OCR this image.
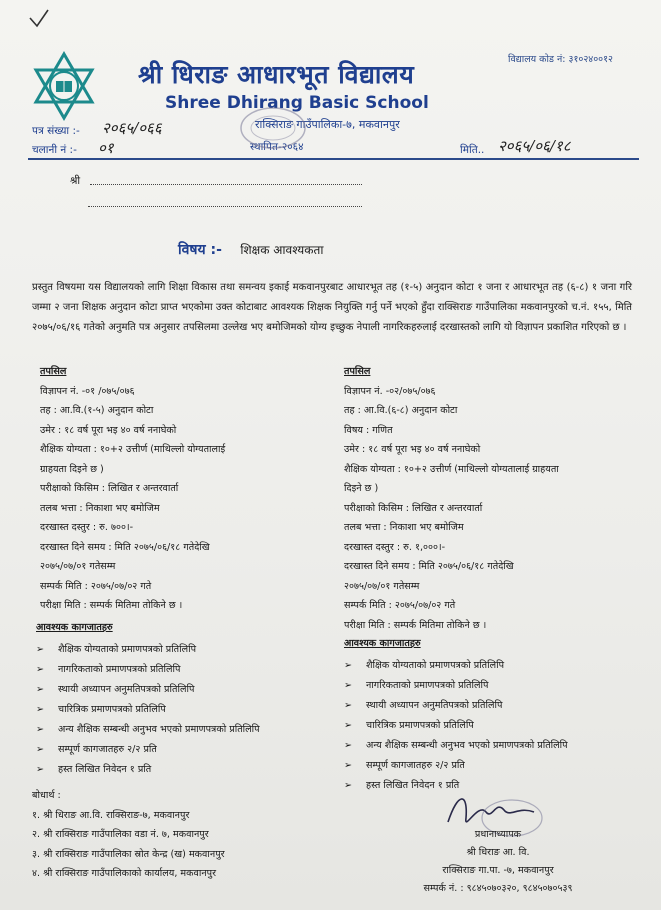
विद्यालय कोड नं: ३१०२४००१२
श्री धिराङ आधारभूत विद्यालय
Shree Dhirang Basic School
राक्सिराङ गाउँपालिका-७, मकवानपुर
स्थापित-२०६४
पत्र संख्या :- २०६५/०६६
चलानी नं :- ०१	मिति.. २०६५/०६/१८
श्री
विषय :- शिक्षक आवश्यकता
प्रस्तुत विषयमा यस विद्यालयको लागि शिक्षा विकास तथा समन्वय इकाई मकवानपुरबाट आधारभूत तह (१-५) अनुदान कोटा १ जना र आधारभूत तह (६-८) १ जना गरि जम्मा २ जना शिक्षक अनुदान कोटा प्राप्त भएकोमा उक्त कोटाबाट आवश्यक शिक्षक नियुक्ति गर्नु पर्ने भएको हुँदा राक्सिराङ गाउँपालिका मकवानपुरको च.नं. १५५, मिति २०७५/०६/१६ गतेको अनुमति पत्र अनुसार तपसिलमा उल्लेख भए बमोजिमको योग्य इच्छुक नेपाली नागरिकहरुलाई दरखास्तको लागि यो विज्ञापन प्रकाशित गरिएको छ ।
तपसिल
विज्ञापन नं. -०१ /०७५/०७६
तह : आ.वि.(१-५) अनुदान कोटा
उमेर : १८ वर्ष पूरा भइ ४० वर्ष ननाघेको
शैक्षिक योग्यता : १०+२ उत्तीर्ण (माथिल्लो योग्यतालाई
ग्राहयता दिइने छ )
परीक्षाको किसिम : लिखित र अन्तरवार्ता
तलब भत्ता : निकाशा भए बमोजिम
दरखास्त दस्तुर : रु. ७००।-
दरखास्त दिने समय : मिति २०७५/०६/१८ गतेदेखि
२०७५/०७/०१ गतेसम्म
सम्पर्क मिति : २०७५/०७/०२ गते
परीक्षा मिति : सम्पर्क मितिमा तोकिने छ ।
तपसिल
विज्ञापन नं. -०२/०७५/०७६
तह : आ.वि.(६-८) अनुदान कोटा
विषय : गणित
उमेर : १८ वर्ष पूरा भइ ४० वर्ष ननाघेको
शैक्षिक योग्यता : १०+२ उत्तीर्ण (माथिल्लो योग्यतालाई ग्राहयता
दिइने छ )
परीक्षाको किसिम : लिखित र अन्तरवार्ता
तलब भत्ता : निकाशा भए बमोजिम
दरखास्त दस्तुर : रु. १,०००।-
दरखास्त दिने समय : मिति २०७५/०६/१८ गतेदेखि
२०७५/०७/०१ गतेसम्म
सम्पर्क मिति : २०७५/०७/०२ गते
परीक्षा मिति : सम्पर्क मितिमा तोकिने छ ।
आवश्यक कागजातहरु
➢ शैक्षिक योग्यताको प्रमाणपत्रको प्रतिलिपि
➢ नागरिकताको प्रमाणपत्रको प्रतिलिपि
➢ स्थायी अध्यापन अनुमतिपत्रको प्रतिलिपि
➢ चारित्रिक प्रमाणपत्रको प्रतिलिपि
➢ अन्य शैक्षिक सम्बन्धी अनुभव भएको प्रमाणपत्रको प्रतिलिपि
➢ सम्पूर्ण कागजातहरु २/२ प्रति
➢ हस्त लिखित निवेदन १ प्रति
आवश्यक कागजातहरु
➢ शैक्षिक योग्यताको प्रमाणपत्रको प्रतिलिपि
➢ नागरिकताको प्रमाणपत्रको प्रतिलिपि
➢ स्थायी अध्यापन अनुमतिपत्रको प्रतिलिपि
➢ चारित्रिक प्रमाणपत्रको प्रतिलिपि
➢ अन्य शैक्षिक सम्बन्धी अनुभव भएको प्रमाणपत्रको प्रतिलिपि
➢ सम्पूर्ण कागजातहरु २/२ प्रति
➢ हस्त लिखित निवेदन १ प्रति
बोधार्थ :
१. श्री धिराङ आ.वि. राक्सिराङ-७, मकवानपुर
२. श्री राक्सिराङ गाउँपालिका वडा नं. ७, मकवानपुर
३. श्री राक्सिराङ गाउँपालिका स्रोत केन्द्र (ख) मकवानपुर
४. श्री राक्सिराङ गाउँपालिकाको कार्यालय, मकवानपुर
प्रधानाध्यापक
श्री धिराङ आ. वि.
राक्सिराङ गा.पा. -७, मकवानपुर
सम्पर्क नं. : ९८४५०७०३२०, ९८४५०७०५३९
